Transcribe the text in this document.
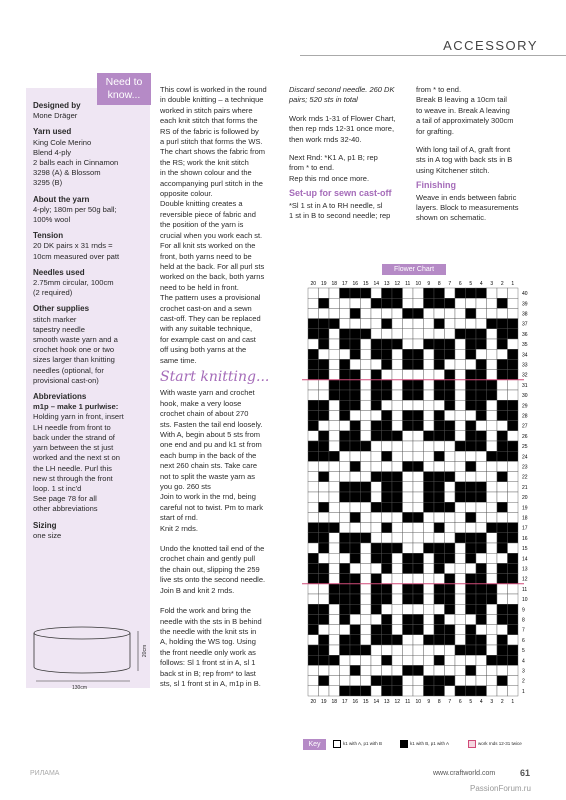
ACCESSORY
Need to know...
Designed by
Mone Dräger
Yarn used
King Cole Merino
Blend 4-ply
2 balls each in Cinnamon
3298 (A) & Blossom
3295 (B)
About the yarn
4-ply; 180m per 50g ball;
100% wool
Tension
20 DK pairs x 31 rnds =
10cm measured over patt
Needles used
2.75mm circular, 100cm
(2 required)
Other supplies
stitch marker
tapestry needle
smooth waste yarn and a
crochet hook one or two
sizes larger than knitting
needles (optional, for
provisional cast-on)
Abbreviations
m1p – make 1 purlwise:
Holding yarn in front, insert
LH needle from front to
back under the strand of
yarn between the st just
worked and the next st on
the LH needle. Purl this
new st through the front
loop. 1 st inc'd
See page 78 for all
other abbreviations
Sizing
one size
20cm
130cm
This cowl is worked in the round
in double knitting – a technique
worked in stitch pairs where
each knit stitch that forms the
RS of the fabric is followed by
a purl stitch that forms the WS.
The chart shows the fabric from
the RS; work the knit stitch
in the shown colour and the
accompanying purl stitch in the
opposite colour.
Double knitting creates a
reversible piece of fabric and
the position of the yarn is
crucial when you work each st.
For all knit sts worked on the
front, both yarns need to be
held at the back. For all purl sts
worked on the back, both yarns
need to be held in front.
The pattern uses a provisional
crochet cast-on and a sewn
cast-off. They can be replaced
with any suitable technique,
for example cast on and cast
off using both yarns at the
same time.
Start knitting...
With waste yarn and crochet
hook, make a very loose
crochet chain of about 270
sts. Fasten the tail end loosely.
With A, begin about 5 sts from
one end and pu and k1 st from
each bump in the back of the
next 260 chain sts. Take care
not to split the waste yarn as
you go. 260 sts
Join to work in the rnd, being
careful not to twist. Pm to mark
start of rnd.
Knit 2 rnds.
Undo the knotted tail end of the
crochet chain and gently pull
the chain out, slipping the 259
live sts onto the second needle.
Join B and knit 2 rnds.
Fold the work and bring the
needle with the sts in B behind
the needle with the knit sts in
A, holding the WS tog. Using
the front needle only work as
follows: Sl 1 front st in A, sl 1
back st in B; rep from* to last
sts, sl 1 front st in A, m1p in B.
Discard second needle. 260 DK
pairs; 520 sts in total
Work rnds 1-31 of Flower Chart,
then rep rnds 12-31 once more,
then work rnds 32-40.
Next Rnd: *K1 A, p1 B; rep
from * to end.
Rep this rnd once more.
Set-up for sewn cast-off
*Sl 1 st in A to RH needle, sl
1 st in B to second needle; rep
from * to end.
Break B leaving a 10cm tail
to weave in. Break A leaving
a tail of approximately 300cm
for grafting.
With long tail of A, graft front
sts in A tog with back sts in B
using Kitchener stitch.
Finishing
Weave in ends between fabric
layers. Block to measurements
shown on schematic.
Flower Chart
20
20
19
19
18
18
17
17
16
16
15
15
14
14
13
13
12
12
11
11
10
10
9
9
8
8
7
7
6
6
5
5
4
4
3
3
2
2
1
1
40
39
38
37
36
35
34
33
32
31
30
29
28
27
26
25
24
23
22
21
20
19
18
17
16
15
14
13
12
11
10
9
8
7
6
5
4
3
2
1
Key	k1 with A, p1 with B	k1 with B, p1 with A	work rnds 12-31 twice
РИЛАМА	www.craftworld.com	61
PassionForum.ru
